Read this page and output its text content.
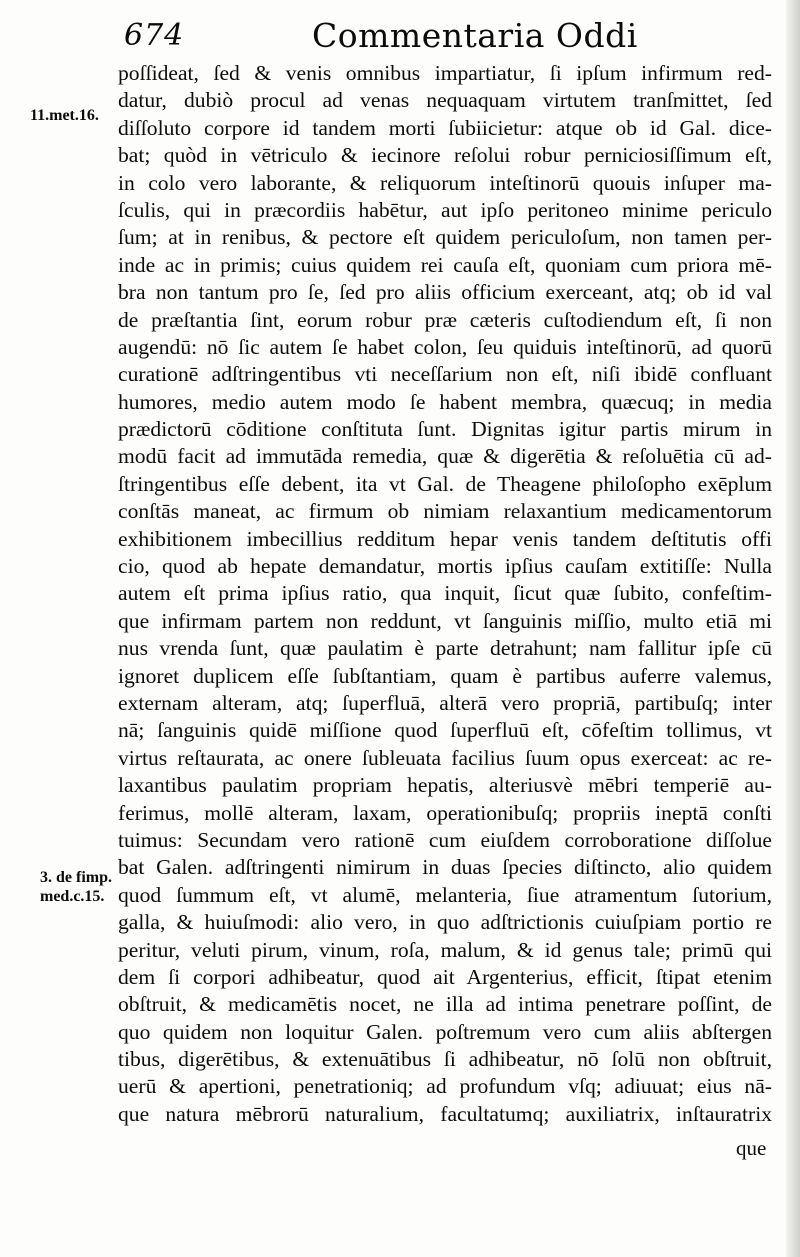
674	Commentaria Oddi
11.met.16.
3. de fimp.
med.c.15.
poſſideat, ſed & venis omnibus impartiatur, ſi ipſum infirmum red-
datur, dubiò procul ad venas nequaquam virtutem tranſmittet, ſed
diſſoluto corpore id tandem morti ſubiicietur: atque ob id Gal. dice-
bat; quòd in vētriculo & iecinore reſolui robur perniciosiſſimum eſt,
in colo vero laborante, & reliquorum inteſtinorū quouis inſuper ma-
ſculis, qui in præcordiis habētur, aut ipſo peritoneo minime periculo
ſum; at in renibus, & pectore eſt quidem periculoſum, non tamen per-
inde ac in primis; cuius quidem rei cauſa eſt, quoniam cum priora mē-
bra non tantum pro ſe, ſed pro aliis officium exerceant, atq; ob id val
de præſtantia ſint, eorum robur præ cæteris cuſtodiendum eſt, ſi non
augendū: nō ſic autem ſe habet colon, ſeu quiduis inteſtinorū, ad quorū
curationē adſtringentibus vti neceſſarium non eſt, niſi ibidē confluant
humores, medio autem modo ſe habent membra, quæcuq; in media
prædictorū cōditione conſtituta ſunt. Dignitas igitur partis mirum in
modū facit ad immutāda remedia, quæ & digerētia & reſoluētia cū ad-
ſtringentibus eſſe debent, ita vt Gal. de Theagene philoſopho exēplum
conſtās maneat, ac firmum ob nimiam relaxantium medicamentorum
exhibitionem imbecillius redditum hepar venis tandem deſtitutis offi
cio, quod ab hepate demandatur, mortis ipſius cauſam extitiſſe: Nulla
autem eſt prima ipſius ratio, qua inquit, ſicut quæ ſubito, confeſtim-
que infirmam partem non reddunt, vt ſanguinis miſſio, multo etiā mi
nus vrenda ſunt, quæ paulatim è parte detrahunt; nam fallitur ipſe cū
ignoret duplicem eſſe ſubſtantiam, quam è partibus auferre valemus,
externam alteram, atq; ſuperfluā, alterā vero propriā, partibuſq; inter
nā; ſanguinis quidē miſſione quod ſuperfluū eſt, cōfeſtim tollimus, vt
virtus reſtaurata, ac onere ſubleuata facilius ſuum opus exerceat: ac re-
laxantibus paulatim propriam hepatis, alteriusvè mēbri temperiē au-
ferimus, mollē alteram, laxam, operationibuſq; propriis ineptā conſti
tuimus: Secundam vero rationē cum eiuſdem corroboratione diſſolue
bat Galen. adſtringenti nimirum in duas ſpecies diſtincto, alio quidem
quod ſummum eſt, vt alumē, melanteria, ſiue atramentum ſutorium,
galla, & huiuſmodi: alio vero, in quo adſtrictionis cuiuſpiam portio re
peritur, veluti pirum, vinum, roſa, malum, & id genus tale; primū qui
dem ſi corpori adhibeatur, quod ait Argenterius, efficit, ſtipat etenim
obſtruit, & medicamētis nocet, ne illa ad intima penetrare poſſint, de
quo quidem non loquitur Galen. poſtremum vero cum aliis abſtergen
tibus, digerētibus, & extenuātibus ſi adhibeatur, nō ſolū non obſtruit,
uerū & apertioni, penetrationiq; ad profundum vſq; adiuuat; eius nā-
que natura mēbrorū naturalium, facultatumq; auxiliatrix, inſtauratrix
que
